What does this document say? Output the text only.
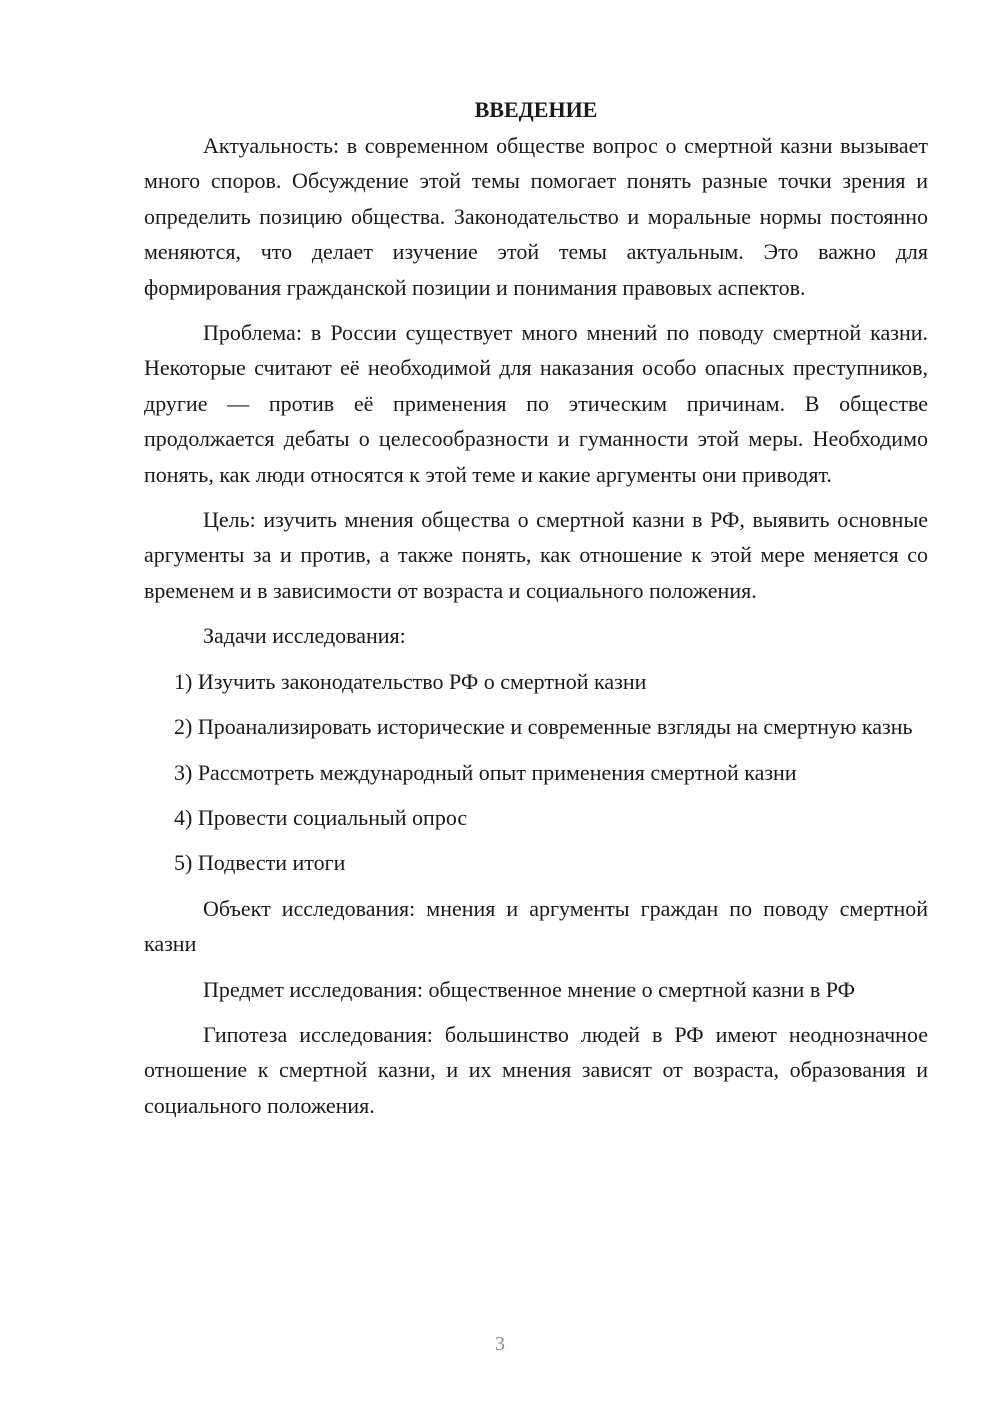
ВВЕДЕНИЕ

Актуальность: в современном обществе вопрос о смертной казни вызывает много споров. Обсуждение этой темы помогает понять разные точки зрения и определить позицию общества. Законодательство и моральные нормы постоянно меняются, что делает изучение этой темы актуальным. Это важно для формирования гражданской позиции и понимания правовых аспектов.

Проблема: в России существует много мнений по поводу смертной казни. Некоторые считают её необходимой для наказания особо опасных преступников, другие — против её применения по этическим причинам. В обществе продолжается дебаты о целесообразности и гуманности этой меры. Необходимо понять, как люди относятся к этой теме и какие аргументы они приводят.

Цель: изучить мнения общества о смертной казни в РФ, выявить основные аргументы за и против, а также понять, как отношение к этой мере меняется со временем и в зависимости от возраста и социального положения.

Задачи исследования:

1) Изучить законодательство РФ о смертной казни

2) Проанализировать исторические и современные взгляды на смертную казнь

3) Рассмотреть международный опыт применения смертной казни

4) Провести социальный опрос

5) Подвести итоги

Объект исследования: мнения и аргументы граждан по поводу смертной казни

Предмет исследования: общественное мнение о смертной казни в РФ

Гипотеза исследования: большинство людей в РФ имеют неоднозначное отношение к смертной казни, и их мнения зависят от возраста, образования и социального положения.

3
